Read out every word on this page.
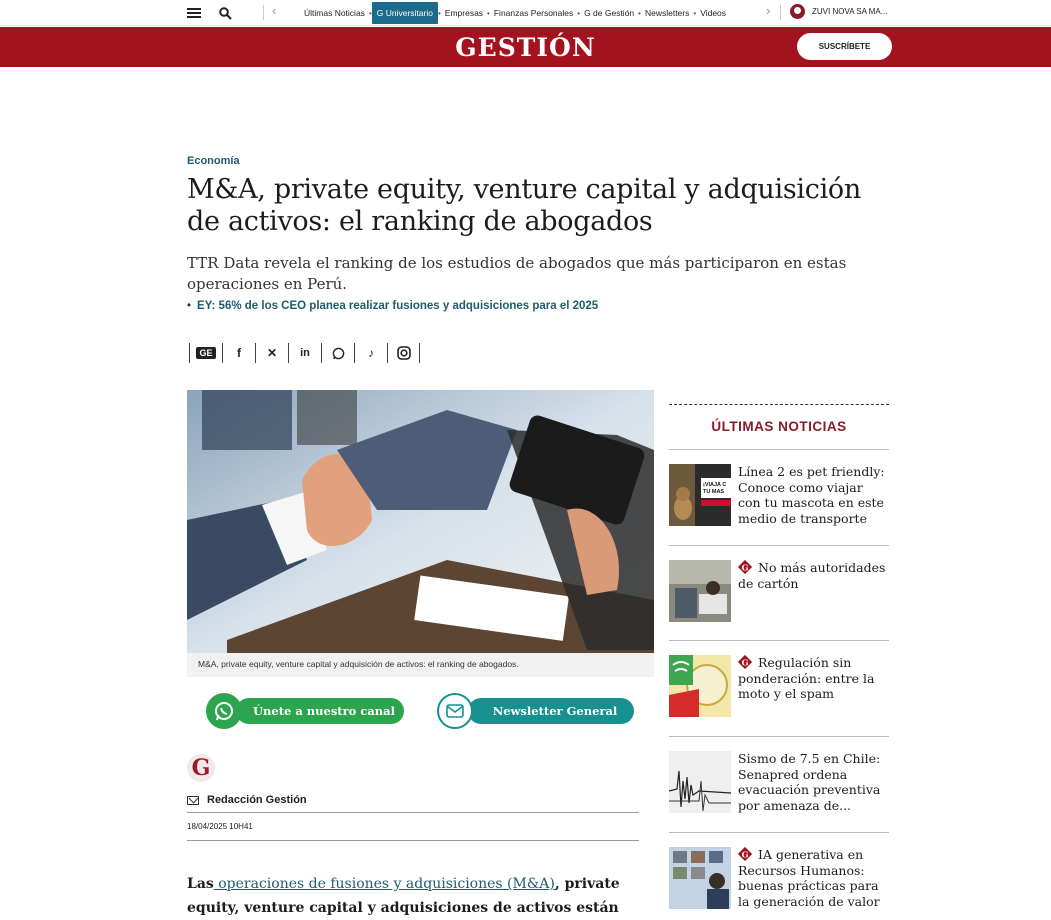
‹	Últimas Noticias • G Universitario • Empresas • Finanzas Personales • G de Gestión • Newsletters • Videos	›	ZUVI NOVA SA MA...
GESTIÓN	SUSCRÍBETE
Economía
M&A, private equity, venture capital y adquisición de activos: el ranking de abogados

TTR Data revela el ranking de los estudios de abogados que más participaron en estas operaciones en Perú.

• EY: 56% de los CEO planea realizar fusiones y adquisiciones para el 2025
GE	f	✕	in	♪
M&A, private equity, venture capital y adquisición de activos: el ranking de abogados.
Únete a nuestro canal	Newsletter General
G
Redacción Gestión
18/04/2025 10H41
Las operaciones de fusiones y adquisiciones (M&A), private equity, venture capital y adquisiciones de activos están
ÚLTIMAS NOTICIAS
¡VIAJA C
TU MAS
Línea 2 es pet friendly: Conoce como viajar con tu mascota en este medio de transporte
G No más autoridades de cartón
G Regulación sin ponderación: entre la moto y el spam
Sismo de 7.5 en Chile: Senapred ordena evacuación preventiva por amenaza de...
G IA generativa en Recursos Humanos: buenas prácticas para la generación de valor
